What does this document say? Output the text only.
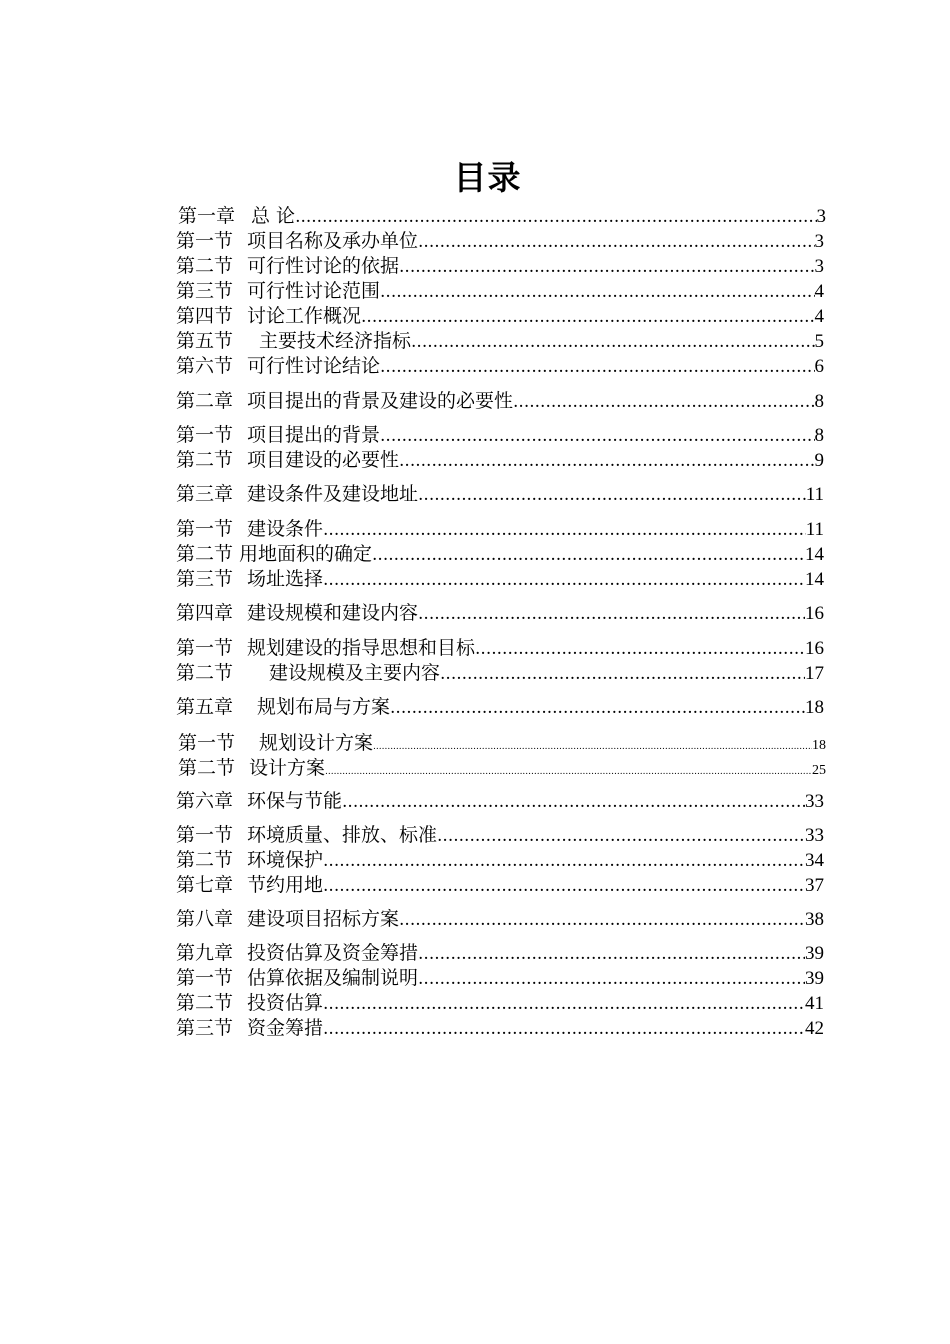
目录
第一章 总 论 .....	3
第一节 项目名称及承办单位 .....	3
第二节 可行性讨论的依据 .....	3
第三节 可行性讨论范围 .....	4
第四节 讨论工作概况 .....	4
第五节 主要技术经济指标 .....	5
第六节 可行性讨论结论 .....	6
第二章 项目提出的背景及建设的必要性 .....	8
第一节 项目提出的背景 .....	8
第二节 项目建设的必要性 .....	9
第三章 建设条件及建设地址 .....	11
第一节 建设条件 .....	11
第二节 用地面积的确定 .....	14
第三节 场址选择 .....	14
第四章 建设规模和建设内容 .....	16
第一节 规划建设的指导思想和目标 .....	16
第二节 建设规模及主要内容 .....	17
第五章 规划布局与方案 .....	18
第一节 规划设计方案 .....	18
第二节 设计方案 .....	25
第六章 环保与节能 .....	33
第一节 环境质量、排放、标准 .....	33
第二节 环境保护 .....	34
第七章 节约用地 .....	37
第八章 建设项目招标方案 .....	38
第九章 投资估算及资金筹措 .....	39
第一节 估算依据及编制说明 .....	39
第二节 投资估算 .....	41
第三节 资金筹措 .....	42
